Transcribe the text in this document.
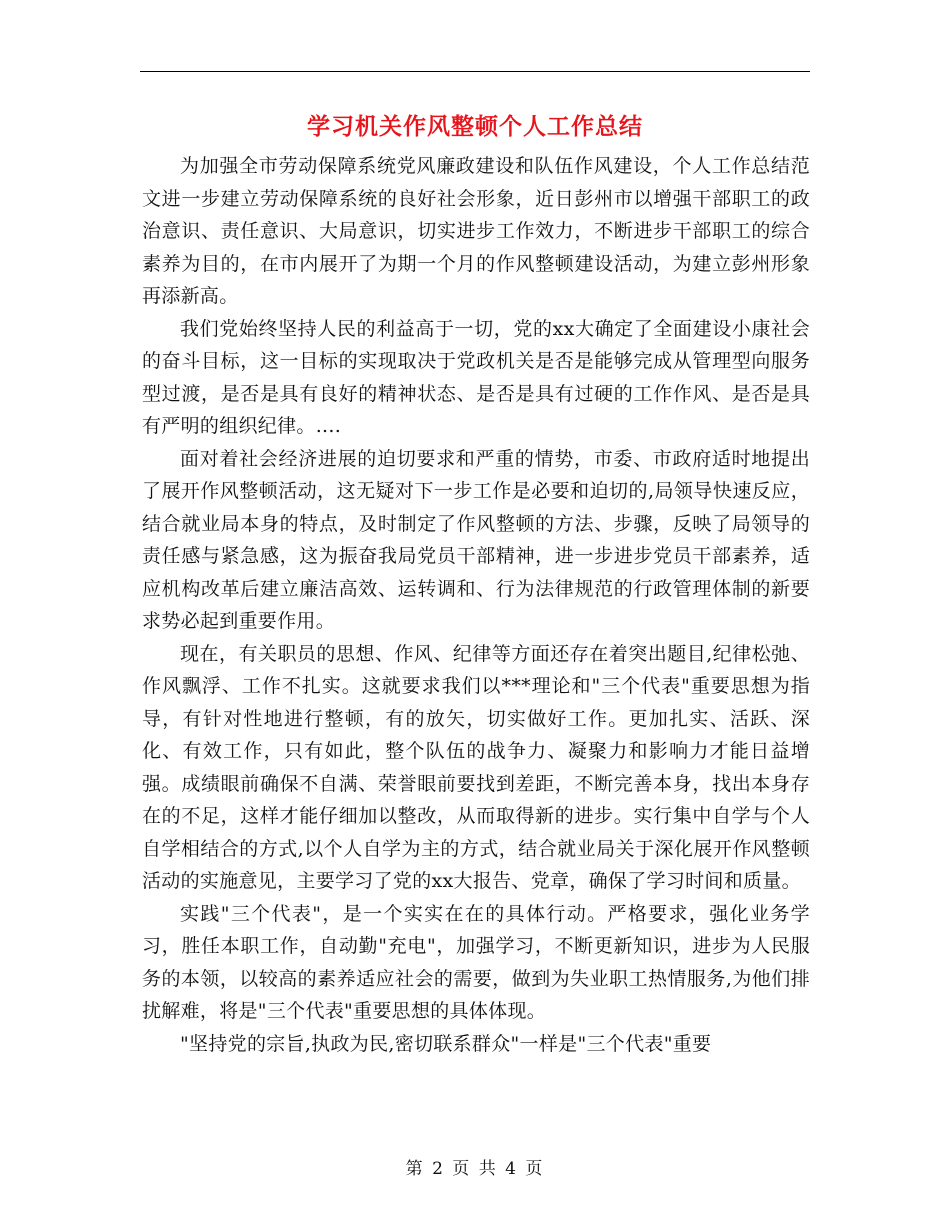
学习机关作风整顿个人工作总结

为加强全市劳动保障系统党风廉政建设和队伍作风建设，个人工作总结范文进一步建立劳动保障系统的良好社会形象，近日彭州市以增强干部职工的政治意识、责任意识、大局意识，切实进步工作效力，不断进步干部职工的综合素养为目的，在市内展开了为期一个月的作风整顿建设活动，为建立彭州形象再添新高。

我们党始终坚持人民的利益高于一切，党的xx大确定了全面建设小康社会的奋斗目标，这一目标的实现取决于党政机关是否是能够完成从管理型向服务型过渡，是否是具有良好的精神状态、是否是具有过硬的工作作风、是否是具有严明的组织纪律。....

面对着社会经济进展的迫切要求和严重的情势，市委、市政府适时地提出了展开作风整顿活动，这无疑对下一步工作是必要和迫切的,局领导快速反应，结合就业局本身的特点，及时制定了作风整顿的方法、步骤，反映了局领导的责任感与紧急感，这为振奋我局党员干部精神，进一步进步党员干部素养，适应机构改革后建立廉洁高效、运转调和、行为法律规范的行政管理体制的新要求势必起到重要作用。

现在，有关职员的思想、作风、纪律等方面还存在着突出题目,纪律松弛、作风飘浮、工作不扎实。这就要求我们以***理论和"三个代表"重要思想为指导，有针对性地进行整顿，有的放矢，切实做好工作。更加扎实、活跃、深化、有效工作，只有如此，整个队伍的战争力、凝聚力和影响力才能日益增强。成绩眼前确保不自满、荣誉眼前要找到差距，不断完善本身，找出本身存在的不足，这样才能仔细加以整改，从而取得新的进步。实行集中自学与个人自学相结合的方式,以个人自学为主的方式，结合就业局关于深化展开作风整顿活动的实施意见，主要学习了党的xx大报告、党章，确保了学习时间和质量。

实践"三个代表"，是一个实实在在的具体行动。严格要求，强化业务学习，胜任本职工作，自动勤"充电"，加强学习，不断更新知识，进步为人民服务的本领，以较高的素养适应社会的需要，做到为失业职工热情服务,为他们排扰解难，将是"三个代表"重要思想的具体体现。

"坚持党的宗旨,执政为民,密切联系群众"一样是"三个代表"重要

第 2 页 共 4 页
